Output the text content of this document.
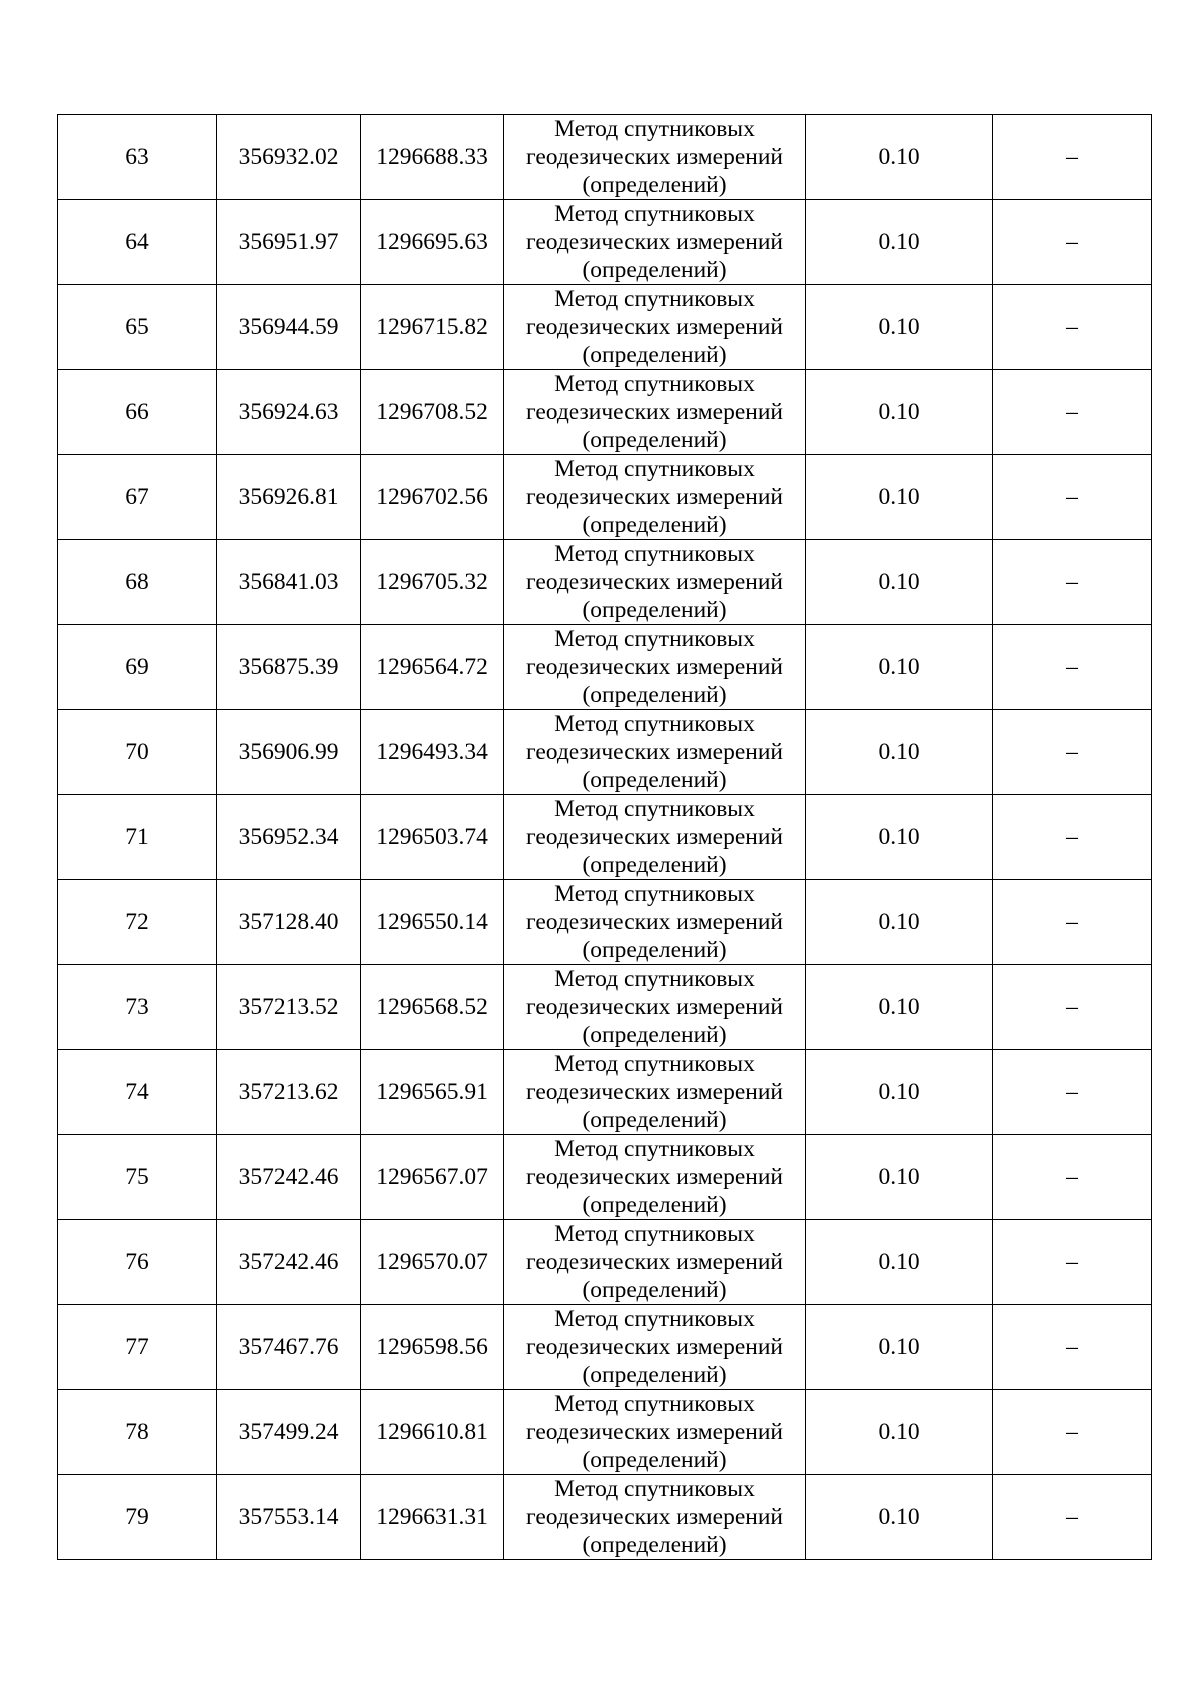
63	356932.02	1296688.33	Метод спутниковых геодезических измерений (определений)	0.10	–
64	356951.97	1296695.63	Метод спутниковых геодезических измерений (определений)	0.10	–
65	356944.59	1296715.82	Метод спутниковых геодезических измерений (определений)	0.10	–
66	356924.63	1296708.52	Метод спутниковых геодезических измерений (определений)	0.10	–
67	356926.81	1296702.56	Метод спутниковых геодезических измерений (определений)	0.10	–
68	356841.03	1296705.32	Метод спутниковых геодезических измерений (определений)	0.10	–
69	356875.39	1296564.72	Метод спутниковых геодезических измерений (определений)	0.10	–
70	356906.99	1296493.34	Метод спутниковых геодезических измерений (определений)	0.10	–
71	356952.34	1296503.74	Метод спутниковых геодезических измерений (определений)	0.10	–
72	357128.40	1296550.14	Метод спутниковых геодезических измерений (определений)	0.10	–
73	357213.52	1296568.52	Метод спутниковых геодезических измерений (определений)	0.10	–
74	357213.62	1296565.91	Метод спутниковых геодезических измерений (определений)	0.10	–
75	357242.46	1296567.07	Метод спутниковых геодезических измерений (определений)	0.10	–
76	357242.46	1296570.07	Метод спутниковых геодезических измерений (определений)	0.10	–
77	357467.76	1296598.56	Метод спутниковых геодезических измерений (определений)	0.10	–
78	357499.24	1296610.81	Метод спутниковых геодезических измерений (определений)	0.10	–
79	357553.14	1296631.31	Метод спутниковых геодезических измерений (определений)	0.10	–
